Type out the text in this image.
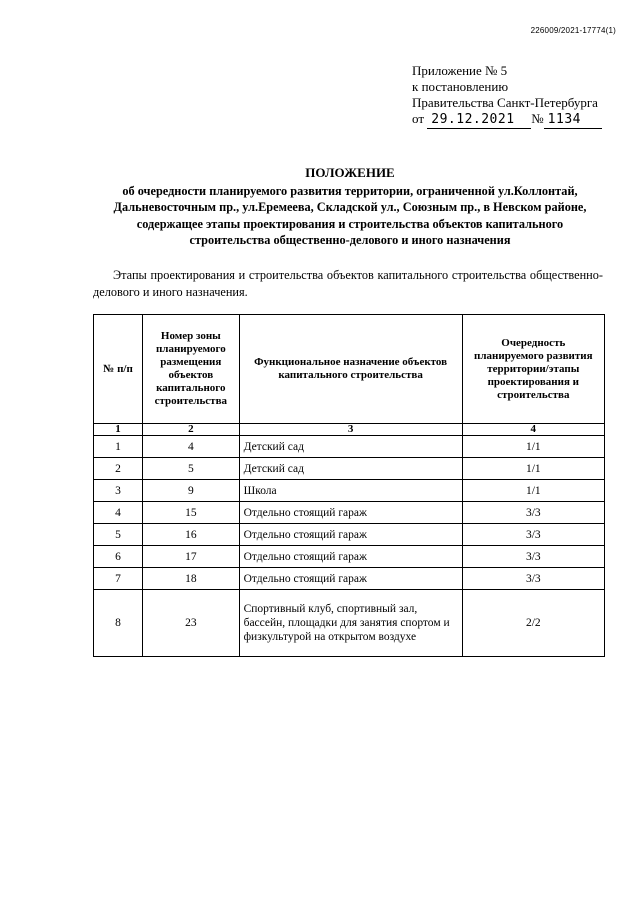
226009/2021-17774(1)
Приложение № 5
к постановлению
Правительства Санкт-Петербурга
от 29.12.2021 № 1134
ПОЛОЖЕНИЕ
об очередности планируемого развития территории, ограниченной ул.Коллонтай, Дальневосточным пр., ул.Еремеева, Складской ул., Союзным пр., в Невском районе, содержащее этапы проектирования и строительства объектов капитального строительства общественно-делового и иного назначения
Этапы проектирования и строительства объектов капитального строительства общественно-делового и иного назначения.
№ п/п	Номер зоны планируемого размещения объектов капитального строительства	Функциональное назначение объектов капитального строительства	Очередность планируемого развития территории/этапы проектирования и строительства
1	2	3	4
1	4	Детский сад	1/1
2	5	Детский сад	1/1
3	9	Школа	1/1
4	15	Отдельно стоящий гараж	3/3
5	16	Отдельно стоящий гараж	3/3
6	17	Отдельно стоящий гараж	3/3
7	18	Отдельно стоящий гараж	3/3
8	23	Спортивный клуб, спортивный зал, бассейн, площадки для занятия спортом и физкультурой на открытом воздухе	2/2
